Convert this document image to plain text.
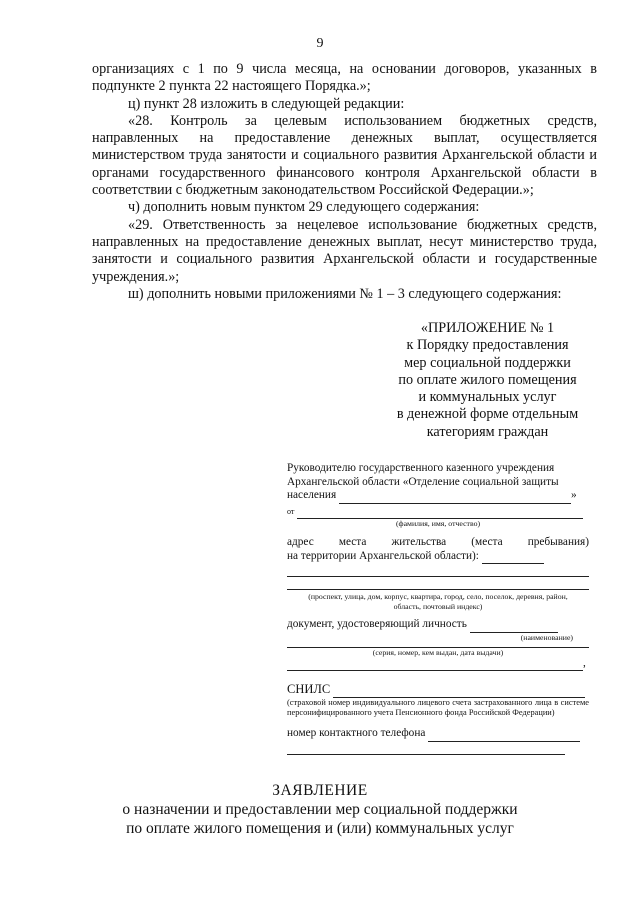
9

организациях с 1 по 9 числа месяца, на основании договоров, указанных в подпункте 2 пункта 22 настоящего Порядка.»;

ц) пункт 28 изложить в следующей редакции:

«28. Контроль за целевым использованием бюджетных средств, направленных на предоставление денежных выплат, осуществляется министерством труда занятости и социального развития Архангельской области и органами государственного финансового контроля Архангельской области в соответствии с бюджетным законодательством Российской Федерации.»;

ч) дополнить новым пунктом 29 следующего содержания:

«29. Ответственность за нецелевое использование бюджетных средств, направленных на предоставление денежных выплат, несут министерство труда, занятости и социального развития Архангельской области и государственные учреждения.»;

ш) дополнить новыми приложениями № 1 – 3 следующего содержания:

«ПРИЛОЖЕНИЕ № 1
к Порядку предоставления
мер социальной поддержки
по оплате жилого помещения
и коммунальных услуг
в денежной форме отдельным
категориям граждан
Руководителю государственного казенного учреждения
Архангельской области «Отделение социальной защиты
населения	»
от
(фамилия, имя, отчество)
адрес места жительства (места пребывания)
на территории Архангельской области):
(проспект, улица, дом, корпус, квартира, город, село, поселок, деревня, район,
область, почтовый индекс)
документ, удостоверяющий личность
(наименование)
(серия, номер, кем выдан, дата выдачи)
,
СНИЛС
(страховой номер индивидуального лицевого счета застрахованного лица в системе персонифицированного учета Пенсионного фонда Российской Федерации)
номер контактного телефона
ЗАЯВЛЕНИЕ
о назначении и предоставлении мер социальной поддержки
по оплате жилого помещения и (или) коммунальных услуг
